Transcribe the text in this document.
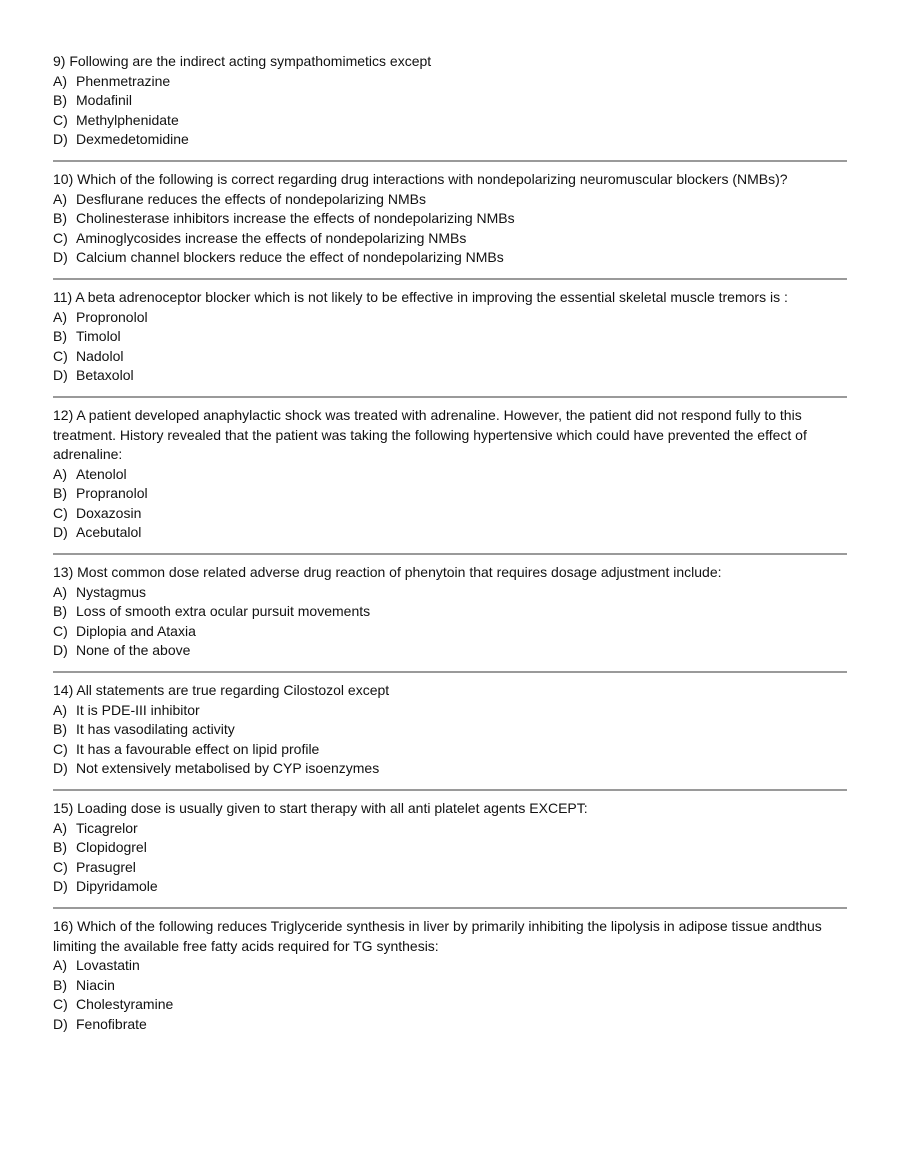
9) Following are the indirect acting sympathomimetics except

A) Phenmetrazine
B) Modafinil
C) Methylphenidate
D) Dexmedetomidine

10) Which of the following is correct regarding drug interactions with nondepolarizing neuromuscular blockers (NMBs)?

A) Desflurane reduces the effects of nondepolarizing NMBs
B) Cholinesterase inhibitors increase the effects of nondepolarizing NMBs
C) Aminoglycosides increase the effects of nondepolarizing NMBs
D) Calcium channel blockers reduce the effect of nondepolarizing NMBs

11) A beta adrenoceptor blocker which is not likely to be effective in improving the essential skeletal muscle tremors is :

A) Propronolol
B) Timolol
C) Nadolol
D) Betaxolol

12) A patient developed anaphylactic shock was treated with adrenaline. However, the patient did not respond fully to this treatment. History revealed that the patient was taking the following hypertensive which could have prevented the effect of adrenaline:

A) Atenolol
B) Propranolol
C) Doxazosin
D) Acebutalol

13) Most common dose related adverse drug reaction of phenytoin that requires dosage adjustment include:

A) Nystagmus
B) Loss of smooth extra ocular pursuit movements
C) Diplopia and Ataxia
D) None of the above

14) All statements are true regarding Cilostozol except

A) It is PDE-III inhibitor
B) It has vasodilating activity
C) It has a favourable effect on lipid profile
D) Not extensively metabolised by CYP isoenzymes

15) Loading dose is usually given to start therapy with all anti platelet agents EXCEPT:

A) Ticagrelor
B) Clopidogrel
C) Prasugrel
D) Dipyridamole

16) Which of the following reduces Triglyceride synthesis in liver by primarily inhibiting the lipolysis in adipose tissue andthus limiting the available free fatty acids required for TG synthesis:

A) Lovastatin
B) Niacin
C) Cholestyramine
D) Fenofibrate
